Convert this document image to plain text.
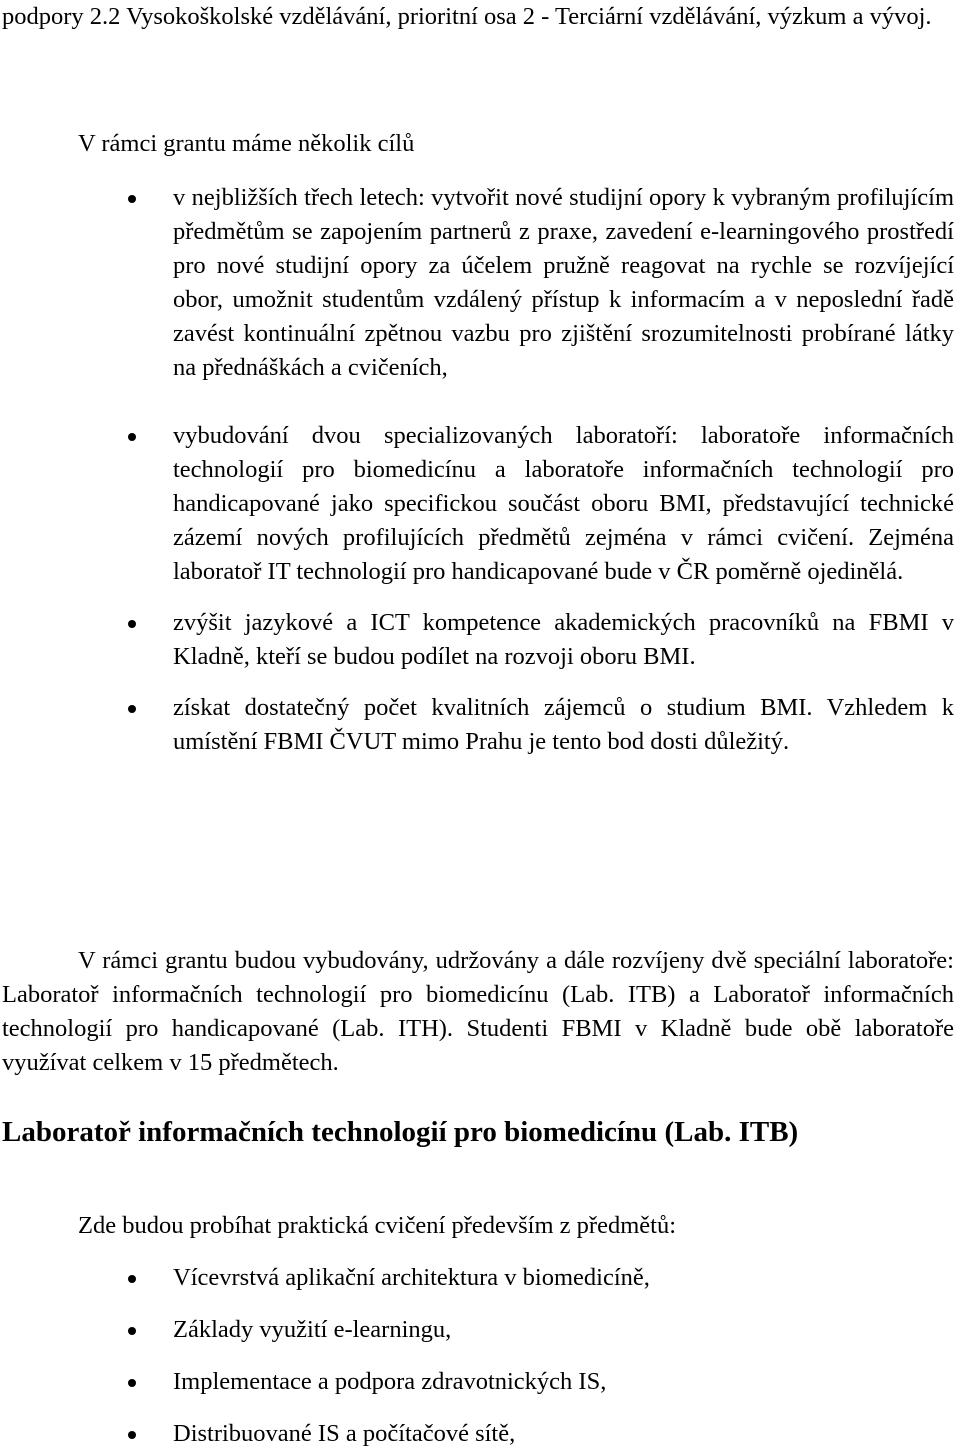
podpory 2.2 Vysokoškolské vzdělávání, prioritní osa 2 - Terciární vzdělávání, výzkum a vývoj.

V rámci grantu máme několik cílů

v nejbližších třech letech: vytvořit nové studijní opory k vybraným profilujícím předmětům se zapojením partnerů z praxe, zavedení e-learningového prostředí pro nové studijní opory za účelem pružně reagovat na rychle se rozvíjející obor, umožnit studentům vzdálený přístup k informacím a v neposlední řadě zavést kontinuální zpětnou vazbu pro zjištění srozumitelnosti probírané látky na přednáškách a cvičeních,
vybudování dvou specializovaných laboratoří: laboratoře informačních technologií pro biomedicínu a laboratoře informačních technologií pro handicapované jako specifickou součást oboru BMI, představující technické zázemí nových profilujících předmětů zejména v rámci cvičení. Zejména laboratoř IT technologií pro handicapované bude v ČR poměrně ojedinělá.
zvýšit jazykové a ICT kompetence akademických pracovníků na FBMI v Kladně, kteří se budou podílet na rozvoji oboru BMI.
získat dostatečný počet kvalitních zájemců o studium BMI. Vzhledem k umístění FBMI ČVUT mimo Prahu je tento bod dosti důležitý.

V rámci grantu budou vybudovány, udržovány a dále rozvíjeny dvě speciální laboratoře: Laboratoř informačních technologií pro biomedicínu (Lab. ITB) a Laboratoř informačních technologií pro handicapované (Lab. ITH). Studenti FBMI v Kladně bude obě laboratoře využívat celkem v 15 předmětech.

Laboratoř informačních technologií pro biomedicínu (Lab. ITB)

Zde budou probíhat praktická cvičení především z předmětů:

Vícevrstvá aplikační architektura v biomedicíně,
Základy využití e-learningu,
Implementace a podpora zdravotnických IS,
Distribuované IS a počítačové sítě,
